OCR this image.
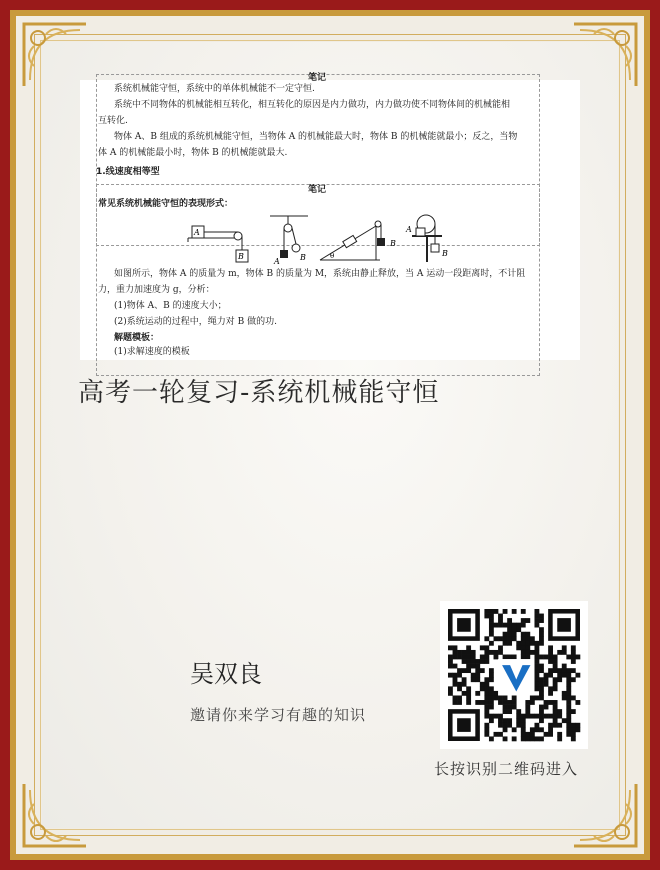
笔记

系统机械能守恒，系统中的单体机械能不一定守恒.

系统中不同物体的机械能相互转化，相互转化的原因是内力做功，内力做功使不同物体间的机械能相

互转化.

物体 A、B 组成的系统机械能守恒，当物体 A 的机械能最大时，物体 B 的机械能就最小；反之，当物

体 A 的机械能最小时，物体 B 的机械能就最大.

1.线速度相等型

笔记

常见系统机械能守恒的表现形式：

A
B
A	B	θ
B
A
B

如图所示，物体 A 的质量为 m，物体 B 的质量为 M，系统由静止释放，当 A 运动一段距离时，不计阻

力，重力加速度为 g，分析：

(1)物体 A、B 的速度大小；

(2)系统运动的过程中，绳力对 B 做的功.

解题模板：

(1)求解速度的模板

高考一轮复习-系统机械能守恒
吴双良
邀请你来学习有趣的知识
长按识别二维码进入
